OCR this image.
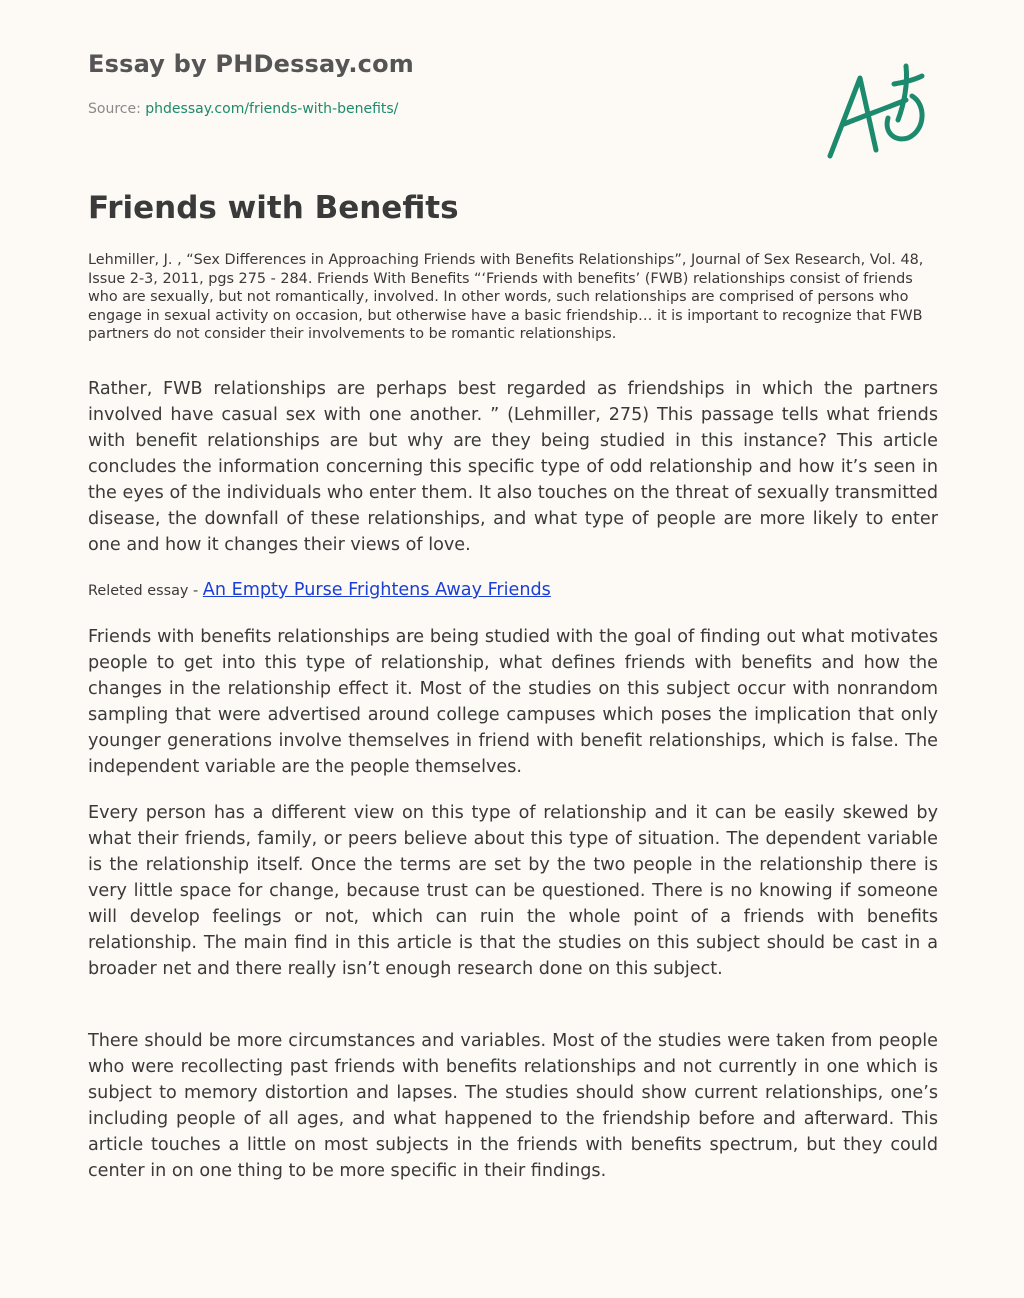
Essay by PHDessay.com

Source: phdessay.com/friends-with-benefits/

Friends with Benefits

Lehmiller, J. , “Sex Differences in Approaching Friends with Benefits Relationships”, Journal of Sex Research, Vol. 48, Issue 2-3, 2011, pgs 275 - 284. Friends With Benefits “‘Friends with benefits’ (FWB) relationships consist of friends who are sexually, but not romantically, involved. In other words, such relationships are comprised of persons who engage in sexual activity on occasion, but otherwise have a basic friendship… it is important to recognize that FWB partners do not consider their involvements to be romantic relationships.

Rather, FWB relationships are perhaps best regarded as friendships in which the partners involved have casual sex with one another. ” (Lehmiller, 275) This passage tells what friends with benefit relationships are but why are they being studied in this instance? This article concludes the information concerning this specific type of odd relationship and how it’s seen in the eyes of the individuals who enter them. It also touches on the threat of sexually transmitted disease, the downfall of these relationships, and what type of people are more likely to enter one and how it changes their views of love.

Releted essay - An Empty Purse Frightens Away Friends

Friends with benefits relationships are being studied with the goal of finding out what motivates people to get into this type of relationship, what defines friends with benefits and how the changes in the relationship effect it. Most of the studies on this subject occur with nonrandom sampling that were advertised around college campuses which poses the implication that only younger generations involve themselves in friend with benefit relationships, which is false. The independent variable are the people themselves.

Every person has a different view on this type of relationship and it can be easily skewed by what their friends, family, or peers believe about this type of situation. The dependent variable is the relationship itself. Once the terms are set by the two people in the relationship there is very little space for change, because trust can be questioned. There is no knowing if someone will develop feelings or not, which can ruin the whole point of a friends with benefits relationship. The main find in this article is that the studies on this subject should be cast in a broader net and there really isn’t enough research done on this subject.

There should be more circumstances and variables. Most of the studies were taken from people who were recollecting past friends with benefits relationships and not currently in one which is subject to memory distortion and lapses. The studies should show current relationships, one’s including people of all ages, and what happened to the friendship before and afterward. This article touches a little on most subjects in the friends with benefits spectrum, but they could center in on one thing to be more specific in their findings.
